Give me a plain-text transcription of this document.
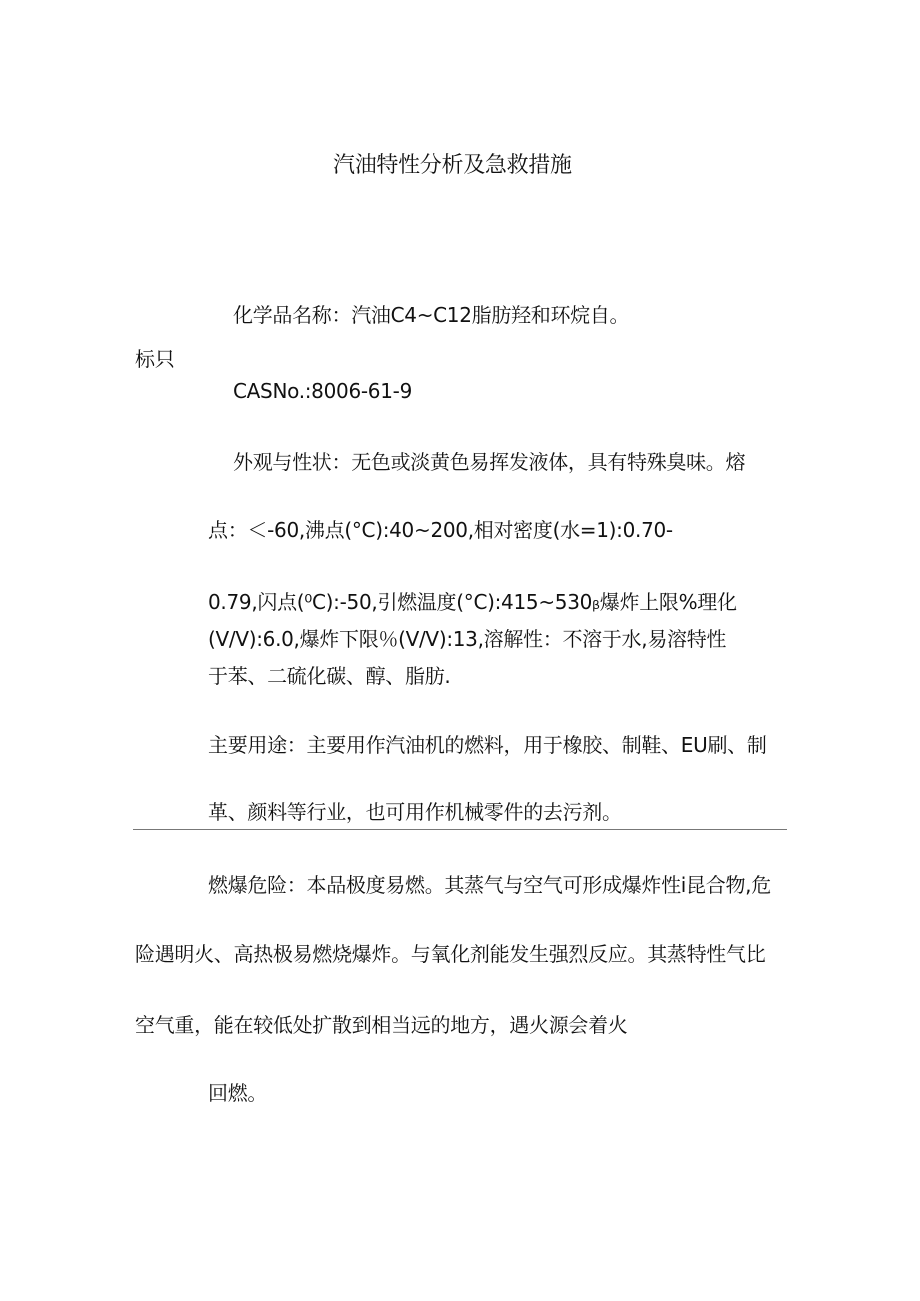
汽油特性分析及急救措施
化学品名称：汽油C4~C12脂肪羟和环烷自。
标只
CASNo.:8006-61-9
外观与性状：无色或淡黄色易挥发液体，具有特殊臭味。熔
点：＜-60,沸点(°C):40~200,相对密度(水=1):0.70-
0.79,闪点(⁰C):-50,引燃温度(°C):415~530ᵦ爆炸上限%理化
(V/V):6.0,爆炸下限％(V/V):13,溶解性：不溶于水,易溶特性
于苯、二硫化碳、醇、脂肪.
主要用途：主要用作汽油机的燃料，用于橡胶、制鞋、EU刷、制
革、颜料等行业，也可用作机械零件的去污剂。
燃爆危险：本品极度易燃。其蒸气与空气可形成爆炸性i昆合物,危
险遇明火、高热极易燃烧爆炸。与氧化剂能发生强烈反应。其蒸特性气比
空气重，能在较低处扩散到相当远的地方，遇火源会着火
回燃。
